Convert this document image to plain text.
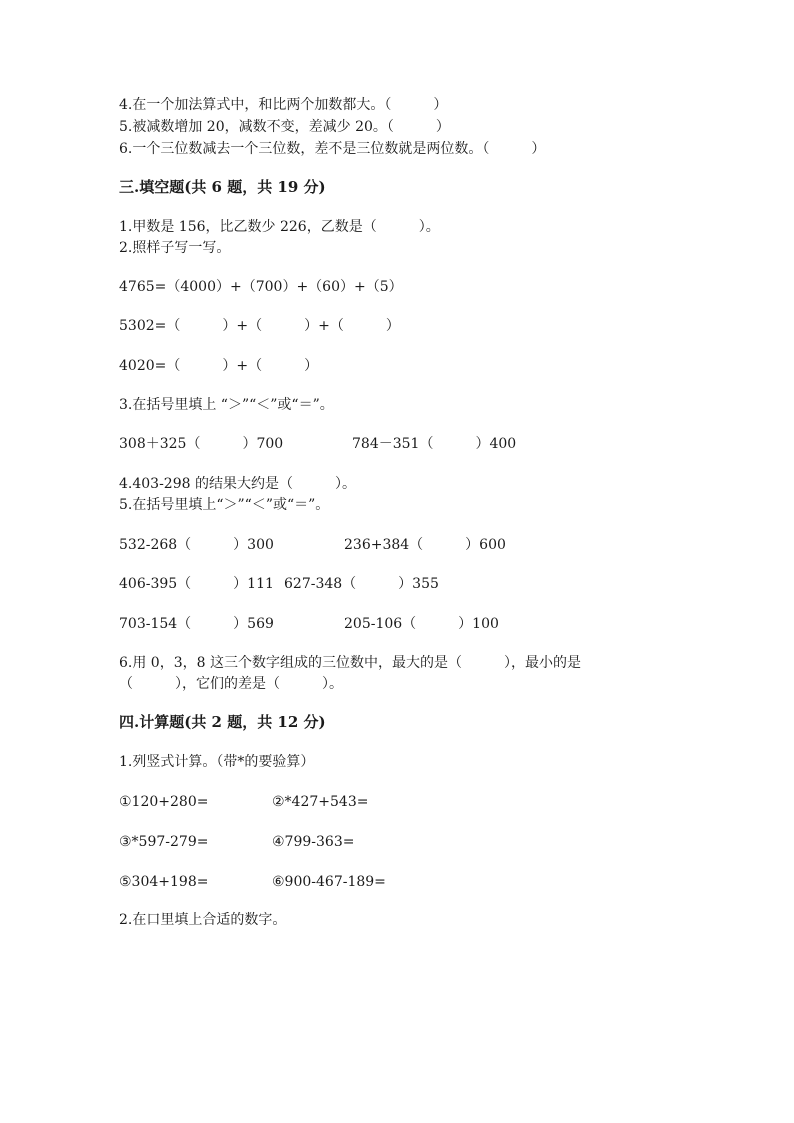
4.在一个加法算式中，和比两个加数都大。（　　　）

5.被减数增加 20，减数不变，差减少 20。（　　　）

6.一个三位数减去一个三位数，差不是三位数就是两位数。（　　　）

三.填空题(共 6 题，共 19 分)

1.甲数是 156，比乙数少 226，乙数是（　　　）。

2.照样子写一写。

4765=（4000）+（700）+（60）+（5）

5302=（　　　）+（　　　）+（　　　）

4020=（　　　）+（　　　）

3.在括号里填上 “＞”“＜”或“＝”。

308＋325（　　　）700	784－351（　　　）400

4.403-298 的结果大约是（　　　）。

5.在括号里填上“＞”“＜”或“＝”。

532-268（　　　）300	236+384（　　　）600

406-395（　　　）111 627-348（　　　）355

703-154（　　　）569	205-106（　　　）100

6.用 0，3，8 这三个数字组成的三位数中，最大的是（　　　），最小的是

（　　　），它们的差是（　　　）。

四.计算题(共 2 题，共 12 分)

1.列竖式计算。（带*的要验算）

①120+280=	②*427+543=

③*597-279=	④799-363=

⑤304+198=	⑥900-467-189=

2.在口里填上合适的数字。
